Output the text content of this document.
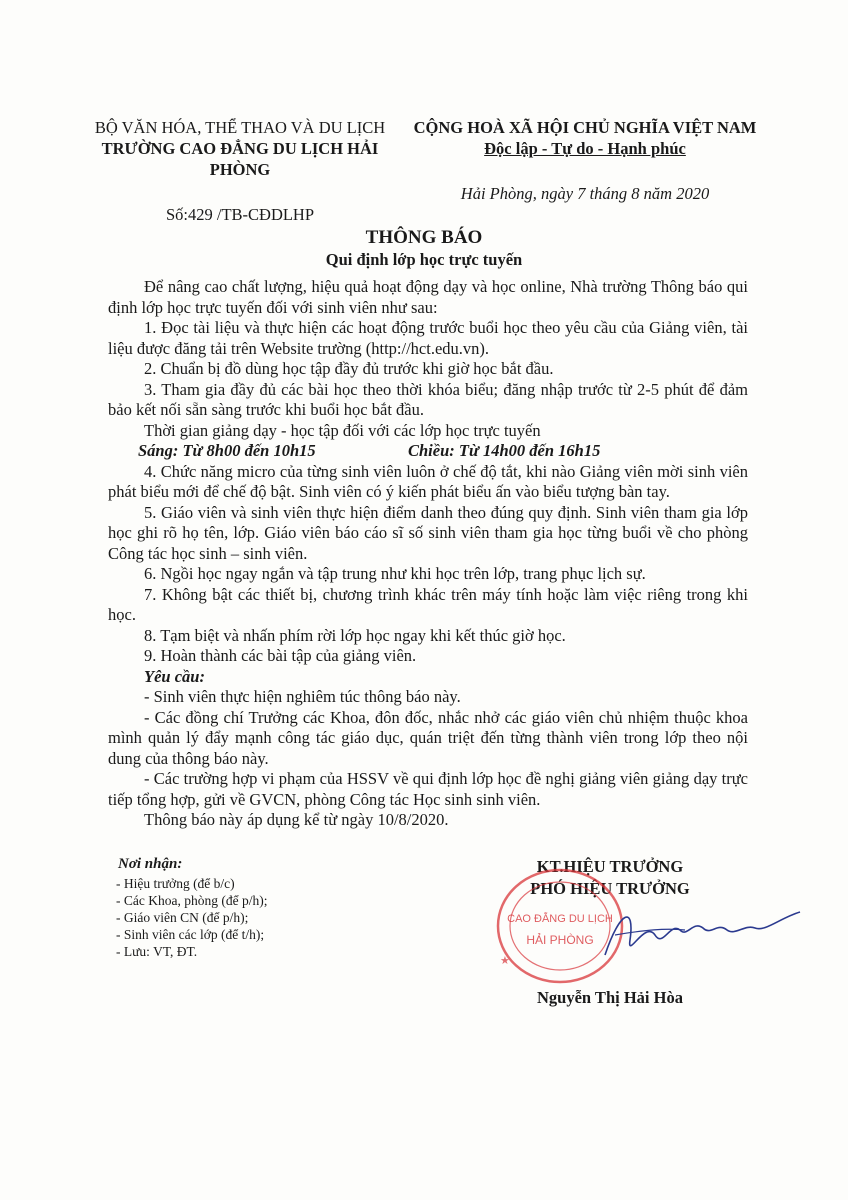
BỘ VĂN HÓA, THỂ THAO VÀ DU LỊCH
TRƯỜNG CAO ĐẲNG DU LỊCH HẢI PHÒNG
Số:429 /TB-CĐDLHP
CỘNG HOÀ XÃ HỘI CHỦ NGHĨA VIỆT NAM
Độc lập - Tự do - Hạnh phúc
Hải Phòng, ngày 7 tháng 8 năm 2020
THÔNG BÁO
Qui định lớp học trực tuyến

Để nâng cao chất lượng, hiệu quả hoạt động dạy và học online, Nhà trường Thông báo qui định lớp học trực tuyến đối với sinh viên như sau:

1. Đọc tài liệu và thực hiện các hoạt động trước buổi học theo yêu cầu của Giảng viên, tài liệu được đăng tải trên Website trường (http://hct.edu.vn).

2. Chuẩn bị đồ dùng học tập đầy đủ trước khi giờ học bắt đầu.

3. Tham gia đầy đủ các bài học theo thời khóa biểu; đăng nhập trước từ 2-5 phút để đảm bảo kết nối sẵn sàng trước khi buổi học bắt đầu.

Thời gian giảng dạy - học tập đối với các lớp học trực tuyến

Sáng: Từ 8h00 đến 10h15	Chiều: Từ 14h00 đến 16h15

4. Chức năng micro của từng sinh viên luôn ở chế độ tắt, khi nào Giảng viên mời sinh viên phát biểu mới để chế độ bật. Sinh viên có ý kiến phát biểu ấn vào biểu tượng bàn tay.

5. Giáo viên và sinh viên thực hiện điểm danh theo đúng quy định. Sinh viên tham gia lớp học ghi rõ họ tên, lớp. Giáo viên báo cáo sĩ số sinh viên tham gia học từng buổi về cho phòng Công tác học sinh – sinh viên.

6. Ngồi học ngay ngắn và tập trung như khi học trên lớp, trang phục lịch sự.

7. Không bật các thiết bị, chương trình khác trên máy tính hoặc làm việc riêng trong khi học.

8. Tạm biệt và nhấn phím rời lớp học ngay khi kết thúc giờ học.

9. Hoàn thành các bài tập của giảng viên.

Yêu cầu:

- Sinh viên thực hiện nghiêm túc thông báo này.

- Các đồng chí Trưởng các Khoa, đôn đốc, nhắc nhở các giáo viên chủ nhiệm thuộc khoa mình quản lý đẩy mạnh công tác giáo dục, quán triệt đến từng thành viên trong lớp theo nội dung của thông báo này.

- Các trường hợp vi phạm của HSSV về qui định lớp học đề nghị giảng viên giảng dạy trực tiếp tổng hợp, gửi về GVCN, phòng Công tác Học sinh sinh viên.

Thông báo này áp dụng kể từ ngày 10/8/2020.

Nơi nhận:
- Hiệu trưởng (để b/c)
- Các Khoa, phòng (để p/h);
- Giáo viên CN (để p/h);
- Sinh viên các lớp (để t/h);
- Lưu: VT, ĐT.
KT.HIỆU TRƯỞNG
PHÓ HIỆU TRƯỞNG
CAO ĐẲNG DU LỊCH
HẢI PHÒNG
★
Nguyễn Thị Hải Hòa
